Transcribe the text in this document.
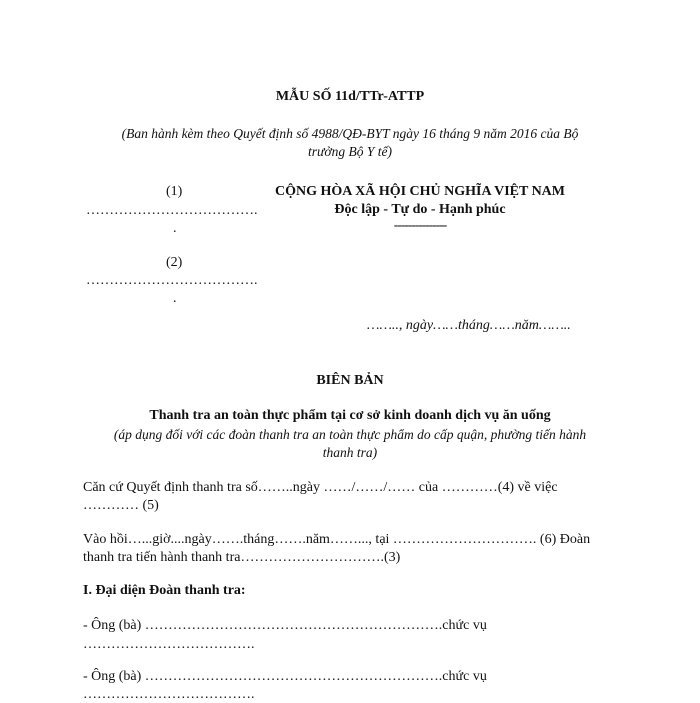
MẪU SỐ 11d/TTr-ATTP
(Ban hành kèm theo Quyết định số 4988/QĐ-BYT ngày 16 tháng 9 năm 2016 của Bộ
trưởng Bộ Y tế)
(1)
……………………………….
.
(2)
……………………………….
.
CỘNG HÒA XÃ HỘI CHỦ NGHĨA VIỆT NAM
Độc lập - Tự do - Hạnh phúc
---------------
…….., ngày……tháng……năm……..
BIÊN BẢN
Thanh tra an toàn thực phẩm tại cơ sở kinh doanh dịch vụ ăn uống
(áp dụng đối với các đoàn thanh tra an toàn thực phẩm do cấp quận, phường tiến hành
thanh tra)
Căn cứ Quyết định thanh tra số……..ngày ……/……/…… của …………(4) về việc
………… (5)
Vào hồi…...giờ....ngày…….tháng…….năm……..., tại …………………………. (6) Đoàn
thanh tra tiến hành thanh tra………………………….(3)
I. Đại diện Đoàn thanh tra:
- Ông (bà) ……………………………………………………….chức vụ
……………………………….
- Ông (bà) ……………………………………………………….chức vụ
……………………………….
